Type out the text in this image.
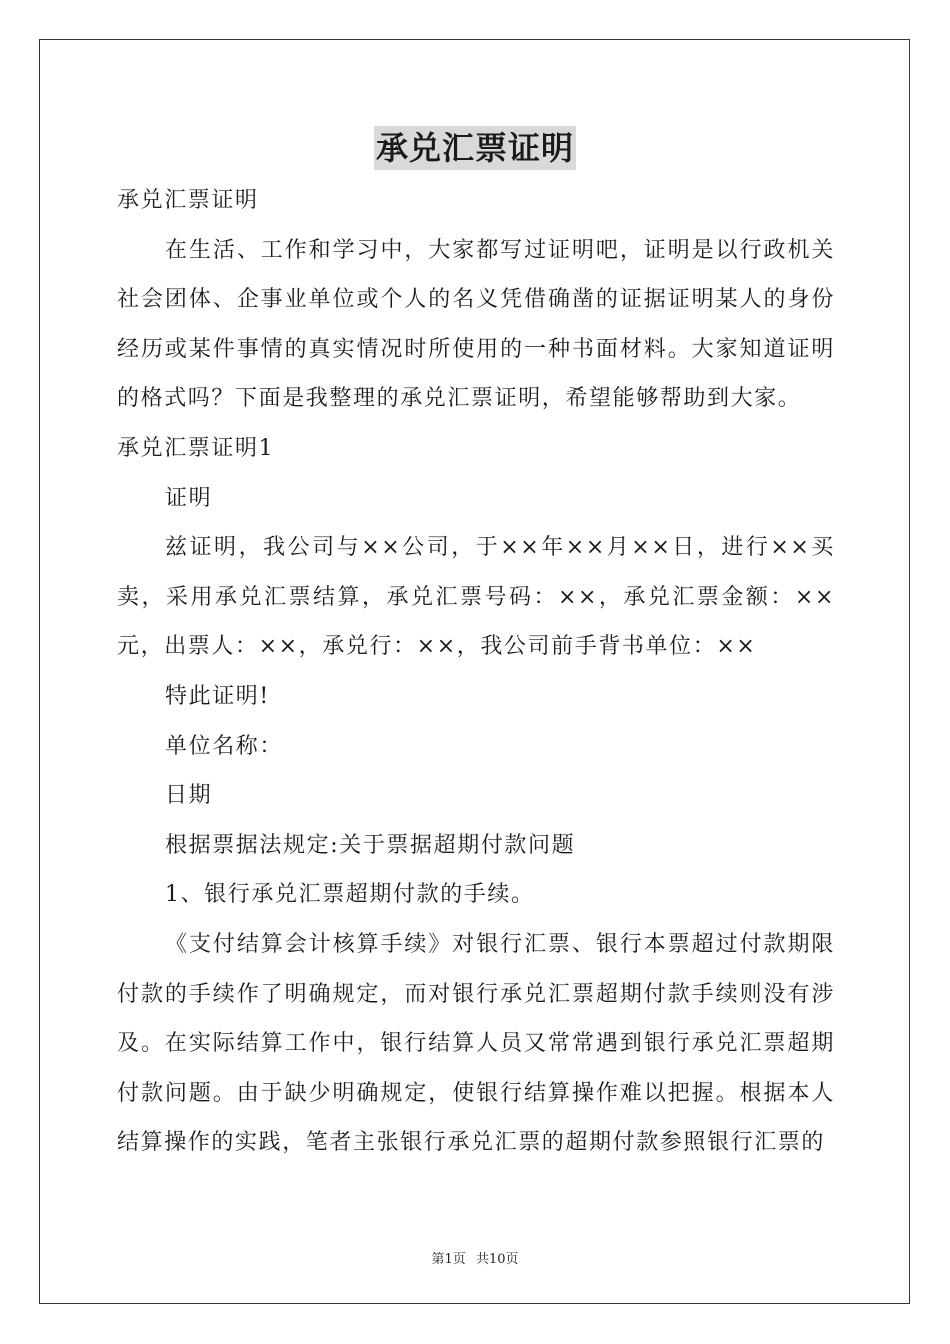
承兑汇票证明

承兑汇票证明

在生活、工作和学习中，大家都写过证明吧，证明是以行政机关社会团体、企事业单位或个人的名义凭借确凿的证据证明某人的身份经历或某件事情的真实情况时所使用的一种书面材料。大家知道证明的格式吗？下面是我整理的承兑汇票证明，希望能够帮助到大家。

承兑汇票证明1

证明

兹证明，我公司与××公司，于××年××月××日，进行××买卖，采用承兑汇票结算，承兑汇票号码：××，承兑汇票金额：××元，出票人：××，承兑行：××，我公司前手背书单位：××

特此证明!

单位名称：

日期

根据票据法规定:关于票据超期付款问题

1、银行承兑汇票超期付款的手续。

《支付结算会计核算手续》对银行汇票、银行本票超过付款期限付款的手续作了明确规定，而对银行承兑汇票超期付款手续则没有涉及。在实际结算工作中，银行结算人员又常常遇到银行承兑汇票超期付款问题。由于缺少明确规定，使银行结算操作难以把握。根据本人结算操作的实践，笔者主张银行承兑汇票的超期付款参照银行汇票的

第1页 共10页
